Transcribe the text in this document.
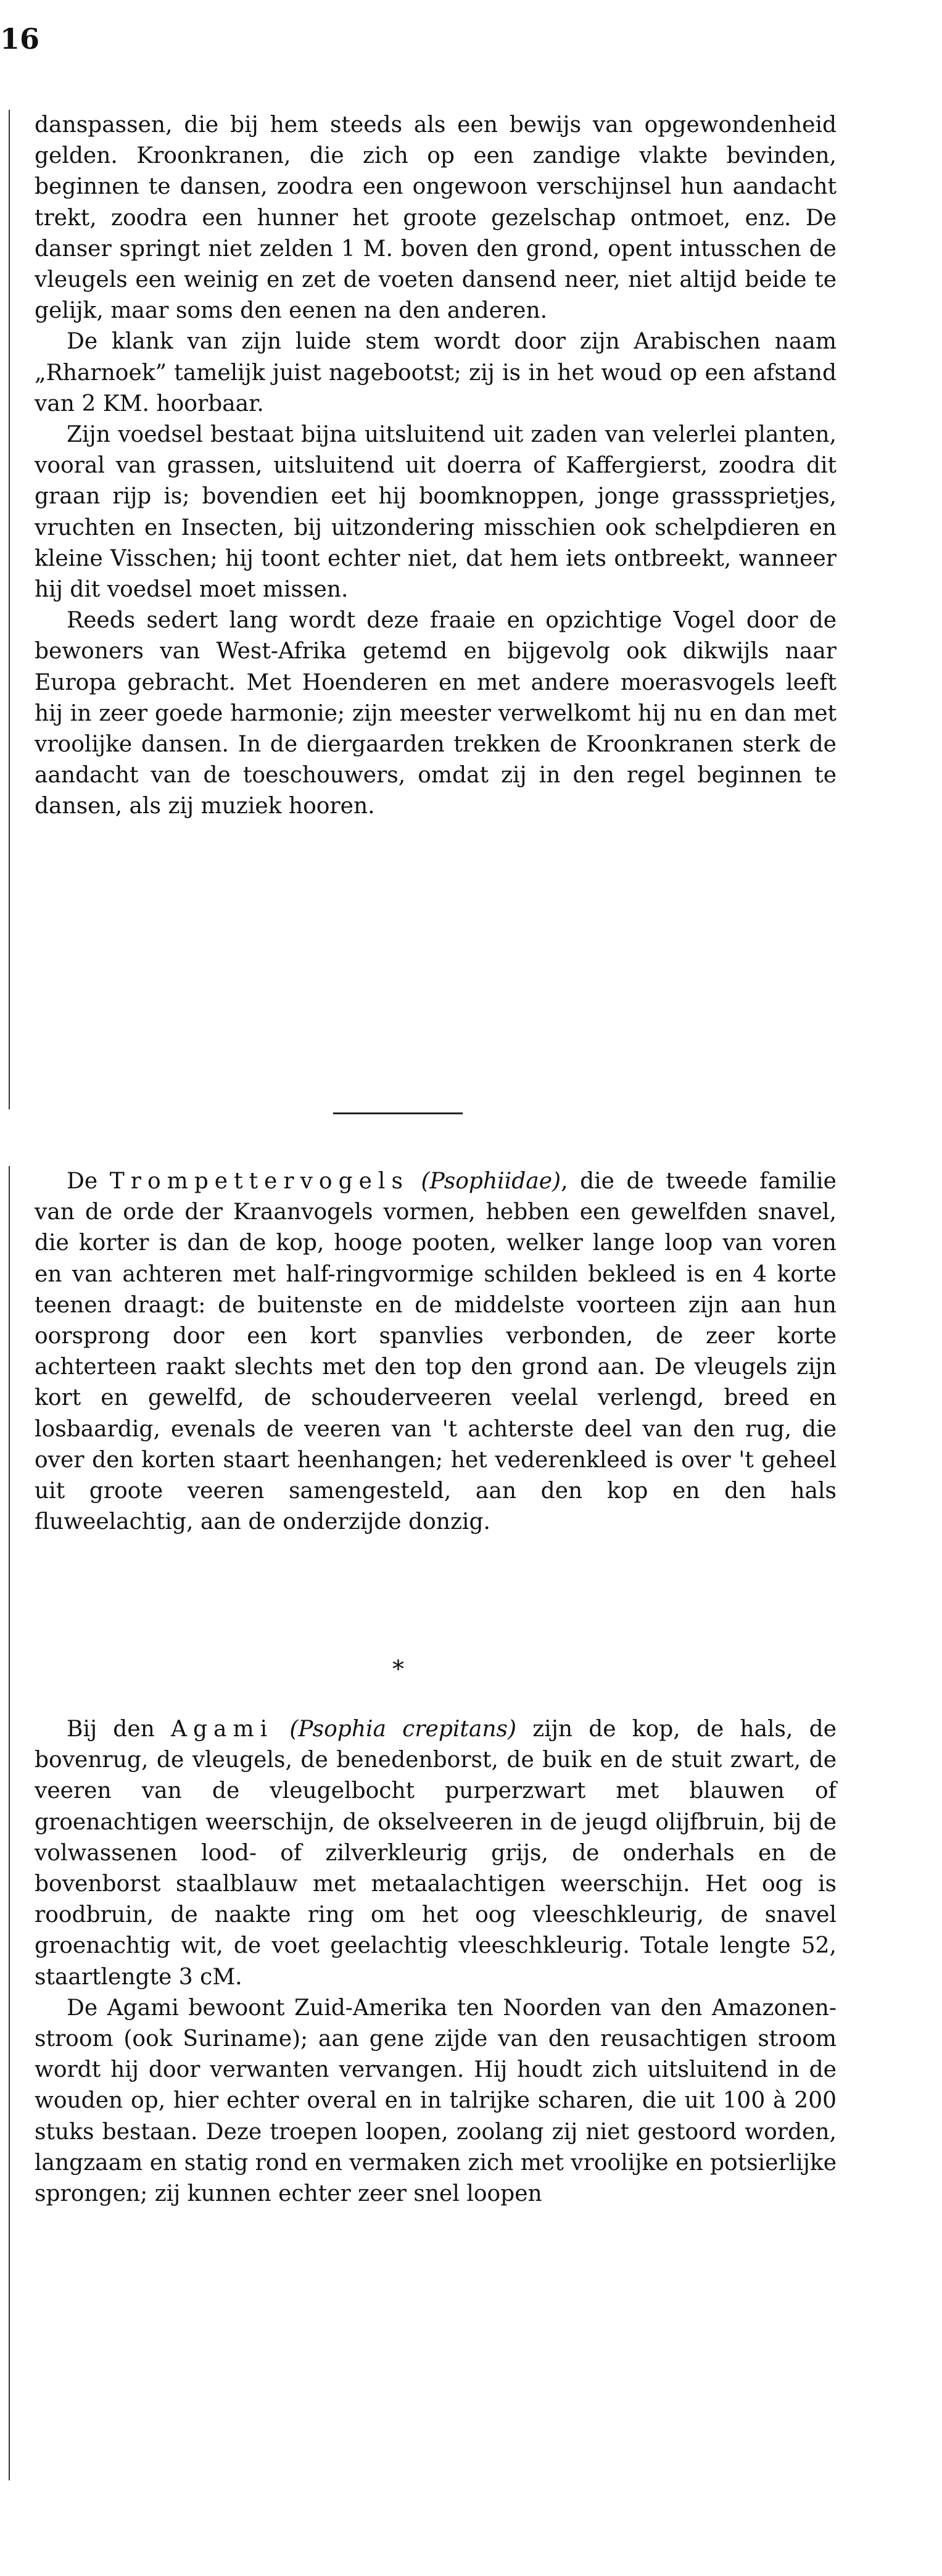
16

danspassen, die bij hem steeds als een bewijs van opgewondenheid gelden. Kroonkranen, die zich op een zandige vlakte bevinden, beginnen te dansen, zoodra een ongewoon verschijnsel hun aandacht trekt, zoodra een hunner het groote gezelschap ontmoet, enz. De danser springt niet zelden 1 M. boven den grond, opent intusschen de vleugels een weinig en zet de voeten dansend neer, niet altijd beide te gelijk, maar soms den eenen na den anderen.

De klank van zijn luide stem wordt door zijn Arabischen naam „Rharnoek” tamelijk juist nagebootst; zij is in het woud op een afstand van 2 KM. hoorbaar.

Zijn voedsel bestaat bijna uitsluitend uit zaden van velerlei planten, vooral van grassen, uitsluitend uit doerra of Kaffergierst, zoodra dit graan rijp is; bovendien eet hij boomknoppen, jonge grasssprietjes, vruchten en Insecten, bij uitzondering misschien ook schelpdieren en kleine Visschen; hij toont echter niet, dat hem iets ontbreekt, wanneer hij dit voedsel moet missen.

Reeds sedert lang wordt deze fraaie en opzichtige Vogel door de bewoners van West-Afrika getemd en bijgevolg ook dikwijls naar Europa gebracht. Met Hoenderen en met andere moerasvogels leeft hij in zeer goede harmonie; zijn meester verwelkomt hij nu en dan met vroolijke dansen. In de diergaarden trekken de Kroonkranen sterk de aandacht van de toeschouwers, omdat zij in den regel beginnen te dansen, als zij muziek hooren.

De Trompettervogels (Psophiidae), die de tweede familie van de orde der Kraanvogels vormen, hebben een gewelfden snavel, die korter is dan de kop, hooge pooten, welker lange loop van voren en van achteren met half-ringvormige schilden bekleed is en 4 korte teenen draagt: de buitenste en de middelste voorteen zijn aan hun oorsprong door een kort spanvlies verbonden, de zeer korte achterteen raakt slechts met den top den grond aan. De vleugels zijn kort en gewelfd, de schouderveeren veelal verlengd, breed en losbaardig, evenals de veeren van 't achterste deel van den rug, die over den korten staart heenhangen; het vederenkleed is over 't geheel uit groote veeren samengesteld, aan den kop en den hals fluweelachtig, aan de onderzijde donzig.

*

Bij den Agami (Psophia crepitans) zijn de kop, de hals, de bovenrug, de vleugels, de benedenborst, de buik en de stuit zwart, de veeren van de vleugelbocht purperzwart met blauwen of groenachtigen weerschijn, de okselveeren in de jeugd olijfbruin, bij de volwassenen lood- of zilverkleurig grijs, de onderhals en de bovenborst staalblauw met metaalachtigen weerschijn. Het oog is roodbruin, de naakte ring om het oog vleeschkleurig, de snavel groenachtig wit, de voet geelachtig vleeschkleurig. Totale lengte 52, staartlengte 3 cM.

De Agami bewoont Zuid-Amerika ten Noorden van den Amazonen-stroom (ook Suriname); aan gene zijde van den reusachtigen stroom wordt hij door verwanten vervangen. Hij houdt zich uitsluitend in de wouden op, hier echter overal en in talrijke scharen, die uit 100 à 200 stuks bestaan. Deze troepen loopen, zoolang zij niet gestoord worden, langzaam en statig rond en vermaken zich met vroolijke en potsierlijke sprongen; zij kunnen echter zeer snel loopen
